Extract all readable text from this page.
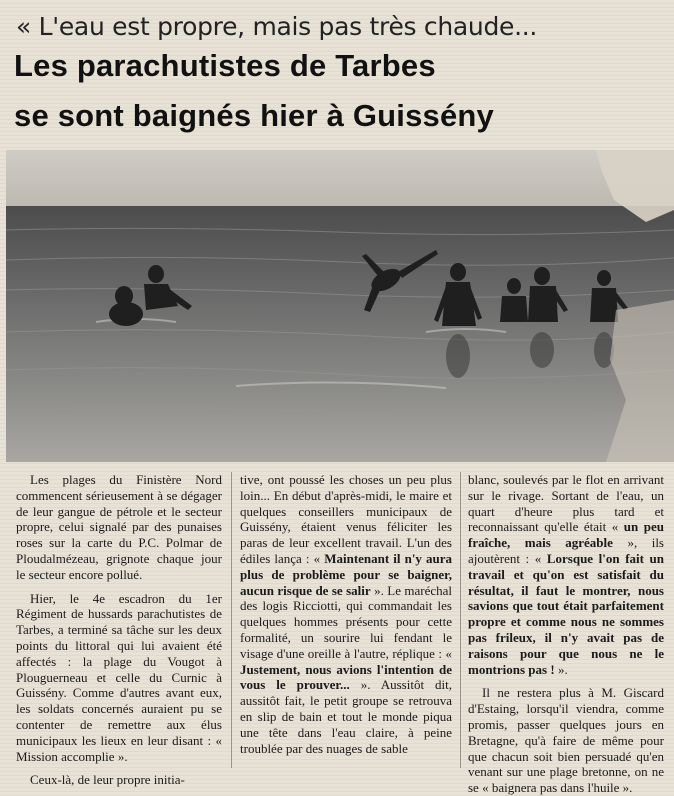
« L'eau est propre, mais pas très chaude...
Les parachutistes de Tarbes
se sont baignés hier à Guissény

Les plages du Finistère Nord commencent sérieusement à se dégager de leur gangue de pétrole et le secteur propre, celui signalé par des punaises roses sur la carte du P.C. Polmar de Ploudalmézeau, grignote chaque jour le secteur encore pollué.

Hier, le 4e escadron du 1er Régiment de hussards parachutistes de Tarbes, a terminé sa tâche sur les deux points du littoral qui lui avaient été affectés : la plage du Vougot à Plouguerneau et celle du Curnic à Guissény. Comme d'autres avant eux, les soldats concernés auraient pu se contenter de remettre aux élus municipaux les lieux en leur disant : « Mission accomplie ».

Ceux-là, de leur propre initia-

tive, ont poussé les choses un peu plus loin... En début d'après-midi, le maire et quelques conseillers municipaux de Guissény, étaient venus féliciter les paras de leur excellent travail. L'un des édiles lança : « Maintenant il n'y aura plus de problème pour se baigner, aucun risque de se salir ». Le maréchal des logis Ricciotti, qui commandait les quelques hommes présents pour cette formalité, un sourire lui fendant le visage d'une oreille à l'autre, réplique : « Justement, nous avions l'intention de vous le prouver... ». Aussitôt dit, aussitôt fait, le petit groupe se retrouva en slip de bain et tout le monde piqua une tête dans l'eau claire, à peine troublée par des nuages de sable

blanc, soulevés par le flot en arrivant sur le rivage. Sortant de l'eau, un quart d'heure plus tard et reconnaissant qu'elle était « un peu fraîche, mais agréable », ils ajoutèrent : « Lorsque l'on fait un travail et qu'on est satisfait du résultat, il faut le montrer, nous savions que tout était parfaitement propre et comme nous ne sommes pas frileux, il n'y avait pas de raisons pour que nous ne le montrions pas ! ».

Il ne restera plus à M. Giscard d'Estaing, lorsqu'il viendra, comme promis, passer quelques jours en Bretagne, qu'à faire de même pour que chacun soit bien persuadé qu'en venant sur une plage bretonne, on ne se « baignera pas dans l'huile ».
